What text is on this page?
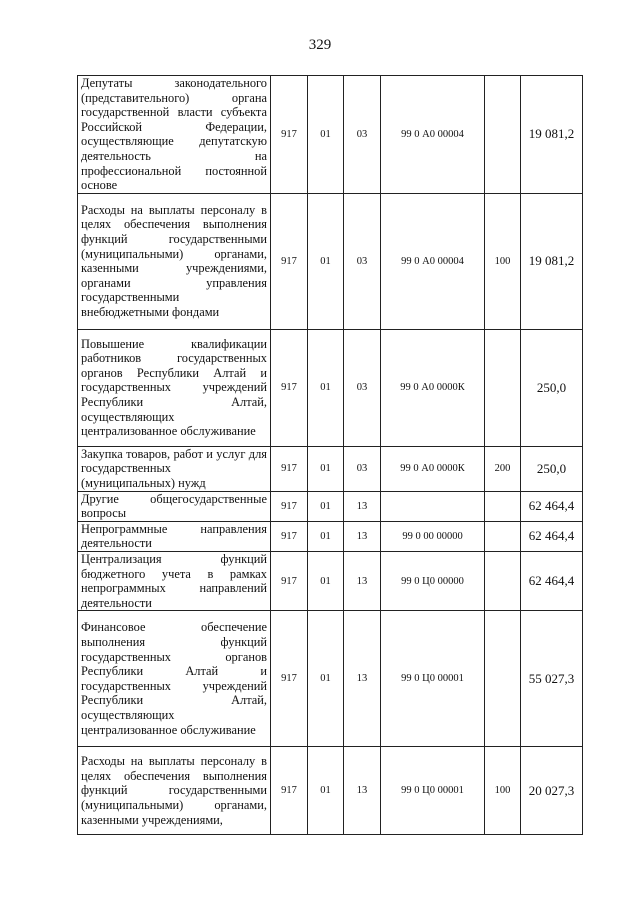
329
Депутаты законодательного (представительного) органа государственной власти субъекта Российской Федерации, осуществляющие депутатскую деятельность на профессиональной постоянной основе	917	01	03	99 0 А0 00004		19 081,2
Расходы на выплаты персоналу в целях обеспечения выполнения функций государственными (муниципальными) органами, казенными учреждениями, органами управления государственными внебюджетными фондами	917	01	03	99 0 А0 00004	100	19 081,2
Повышение квалификации работников государственных органов Республики Алтай и государственных учреждений Республики Алтай, осуществляющих централизованное обслуживание	917	01	03	99 0 А0 0000К		250,0
Закупка товаров, работ и услуг для государственных (муниципальных) нужд	917	01	03	99 0 А0 0000К	200	250,0
Другие общегосударственные вопросы	917	01	13			62 464,4
Непрограммные направления деятельности	917	01	13	99 0 00 00000		62 464,4
Централизация функций бюджетного учета в рамках непрограммных направлений деятельности	917	01	13	99 0 Ц0 00000		62 464,4
Финансовое обеспечение выполнения функций государственных органов Республики Алтай и государственных учреждений Республики Алтай, осуществляющих централизованное обслуживание	917	01	13	99 0 Ц0 00001		55 027,3
Расходы на выплаты персоналу в целях обеспечения выполнения функций государственными (муниципальными) органами, казенными учреждениями,	917	01	13	99 0 Ц0 00001	100	20 027,3
